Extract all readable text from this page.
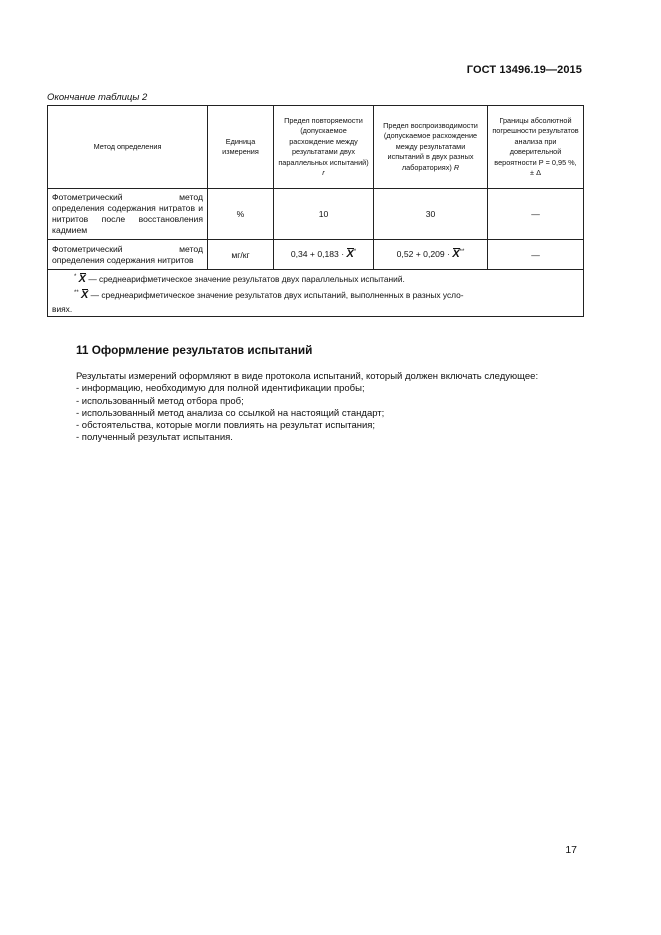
ГОСТ 13496.19—2015
Окончание таблицы 2
Метод определения	Единица измерения	Предел повторяемости (допускаемое расхождение между результатами двух параллельных испытаний) r	Предел воспроизводимости (допускаемое расхождение между результатами испытаний в двух разных лабораториях) R	Границы абсолютной погрешности результатов анализа при доверительной вероятности Р = 0,95 %, ± Δ
Фотометрический метод определения содержания нитратов и нитритов после восстановления кадмием	%	10	30	—
Фотометрический метод определения содержания нитритов	мг/кг	0,34 + 0,183 · X*	0,52 + 0,209 · X**	—

* X — среднеарифметическое значение результатов двух параллельных испытаний.
** X — среднеарифметическое значение результатов двух испытаний, выполненных в разных усло-
виях.				
11 Оформление результатов испытаний

Результаты измерений оформляют в виде протокола испытаний, который должен включать следующее:

- информацию, необходимую для полной идентификации пробы;
- использованный метод отбора проб;
- использованный метод анализа со ссылкой на настоящий стандарт;
- обстоятельства, которые могли повлиять на результат испытания;
- полученный результат испытания.
17
